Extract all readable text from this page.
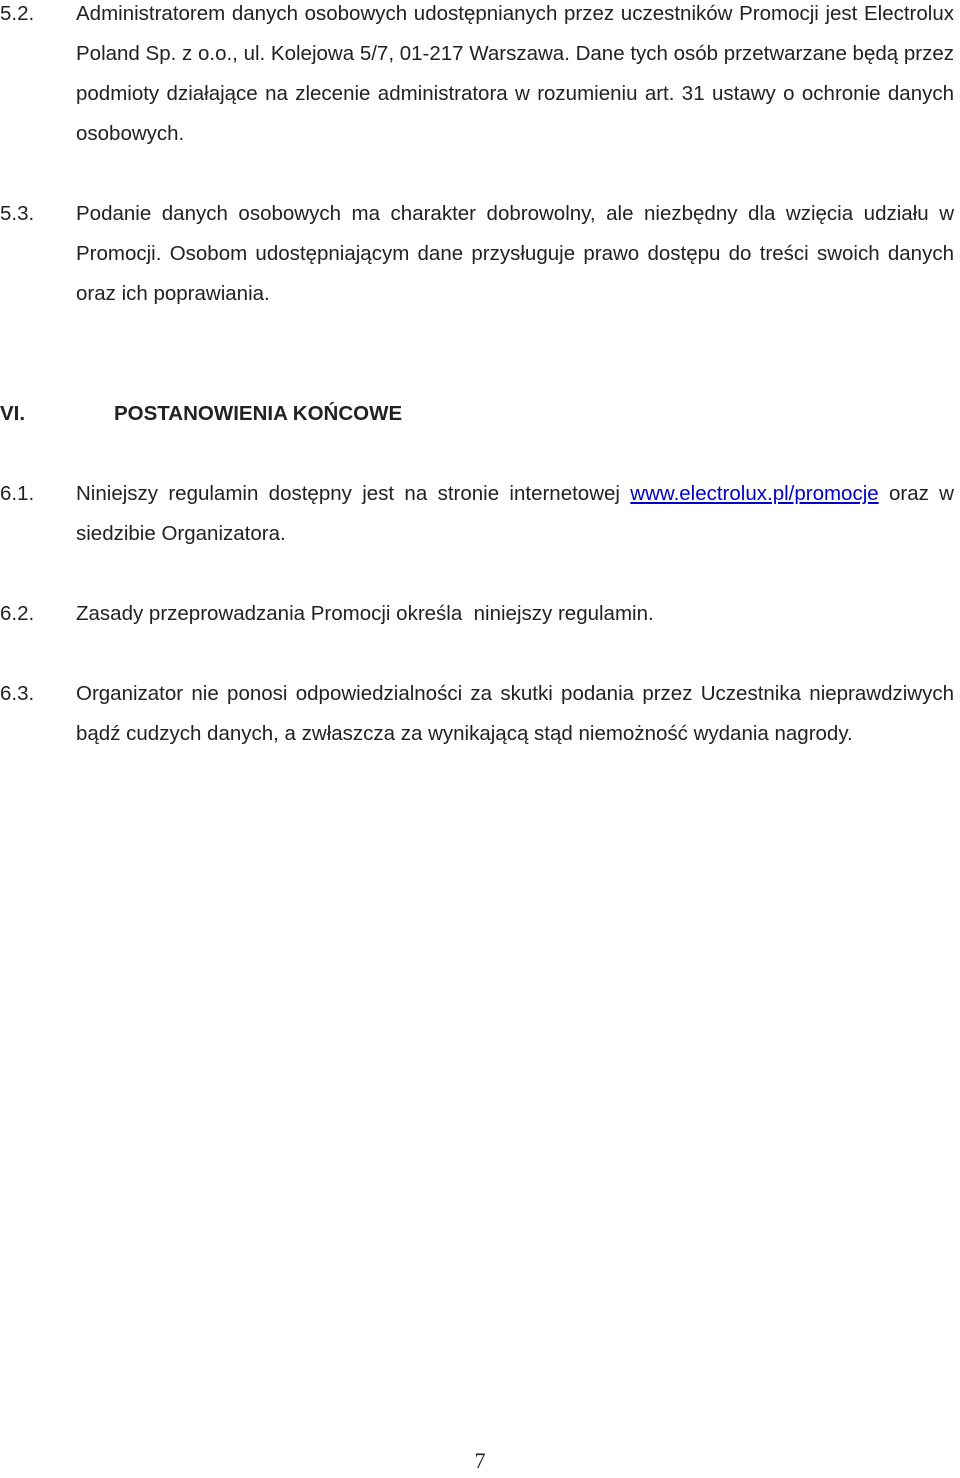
5.2.	Administratorem danych osobowych udostępnianych przez uczestników Promocji jest Electrolux Poland Sp. z o.o., ul. Kolejowa 5/7, 01-217 Warszawa. Dane tych osób przetwarzane będą przez podmioty działające na zlecenie administratora w rozumieniu art. 31 ustawy o ochronie danych osobowych.
5.3.	Podanie danych osobowych ma charakter dobrowolny, ale niezbędny dla wzięcia udziału w Promocji. Osobom udostępniającym dane przysługuje prawo dostępu do treści swoich danych oraz ich poprawiania.
VI.	POSTANOWIENIA KOŃCOWE
6.1.	Niniejszy regulamin dostępny jest na stronie internetowej www.electrolux.pl/promocje oraz w siedzibie Organizatora.
6.2.	Zasady przeprowadzania Promocji określa  niniejszy regulamin.
6.3.	Organizator nie ponosi odpowiedzialności za skutki podania przez Uczestnika nieprawdziwych bądź cudzych danych, a zwłaszcza za wynikającą stąd niemożność wydania nagrody.
7
